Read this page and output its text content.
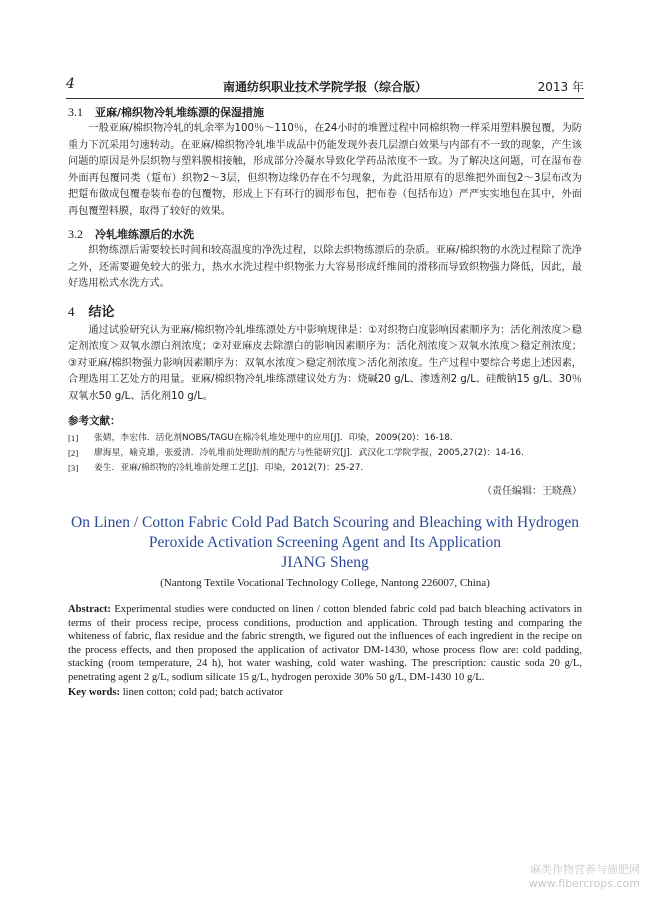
4	南通纺织职业技术学院学报（综合版）	2013 年
3.1 亚麻/棉织物冷轧堆练漂的保湿措施

一般亚麻/棉织物冷轧的轧余率为100％～110％，在24小时的堆置过程中同棉织物一样采用塑料膜包覆，为防重力下沉采用匀速转动。在亚麻/棉织物冷轧堆半成品中仍能发现外表几层漂白效果与内部有不一致的现象，产生该问题的原因是外层织物与塑料膜相接触，形成部分冷凝水导致化学药品浓度不一致。为了解决这问题，可在湿布卷外面再包覆同类（踅布）织物2～3层，但织物边缘仍存在不匀现象，为此沿用原有的思维把外面包2～3层布改为把踅布做成包覆卷装布卷的包覆物，形成上下有环行的圆形布包，把布卷（包括布边）严严实实地包在其中，外面再包覆塑料膜，取得了较好的效果。

3.2 冷轧堆练漂后的水洗

织物练漂后需要较长时间和较高温度的净洗过程，以除去织物练漂后的杂质。亚麻/棉织物的水洗过程除了洗净之外，还需要避免较大的张力，热水水洗过程中织物张力大容易形成纤维间的滑移而导致织物强力降低，因此，最好选用松式水洗方式。

4 结论

通过试验研究认为亚麻/棉织物冷轧堆练漂处方中影响规律是：①对织物白度影响因素顺序为：活化剂浓度＞稳定剂浓度＞双氧水漂白剂浓度；②对亚麻皮去除漂白的影响因素顺序为：活化剂浓度＞双氧水浓度＞稳定剂浓度；③对亚麻/棉织物强力影响因素顺序为：双氧水浓度＞稳定剂浓度＞活化剂浓度。生产过程中要综合考虑上述因素，合理选用工艺处方的用量。亚麻/棉织物冷轧堆练漂建议处方为：烧碱20 g/L、渗透剂2 g/L、硅酸钠15 g/L、30％双氧水50 g/L、活化剂10 g/L。

参考文献：
[1]	张婧，李宏伟．活化剂NOBS/TAGU在棉冷轧堆处理中的应用[J]．印染，2009(20)：16-18.
[2]	廖海星，喻克雄，张爱清．冷轧堆前处理助剂的配方与性能研究[J]．武汉化工学院学报，2005,27(2)：14-16.
[3]	姜生．亚麻/棉织物的冷轧堆前处理工艺[J]．印染，2012(7)：25-27.
（责任编辑：王晓燕）
On Linen / Cotton Fabric Cold Pad Batch Scouring and Bleaching with Hydrogen Peroxide Activation Screening Agent and Its Application
JIANG Sheng
(Nantong Textile Vocational Technology College, Nantong 226007, China)
Abstract: Experimental studies were conducted on linen / cotton blended fabric cold pad batch bleaching activators in terms of their process recipe, process conditions, production and application. Through testing and comparing the whiteness of fabric, flax residue and the fabric strength, we figured out the influences of each ingredient in the recipe on the process effects, and then proposed the application of activator DM-1430, whose process flow are: cold padding, stacking (room temperature, 24 h), hot water washing, cold water washing. The prescription: caustic soda 20 g/L, penetrating agent 2 g/L, sodium silicate 15 g/L, hydrogen peroxide 30% 50 g/L, DM-1430 10 g/L.
Key words: linen cotton; cold pad; batch activator
麻类作物营养与施肥网
www.fibercrops.com
